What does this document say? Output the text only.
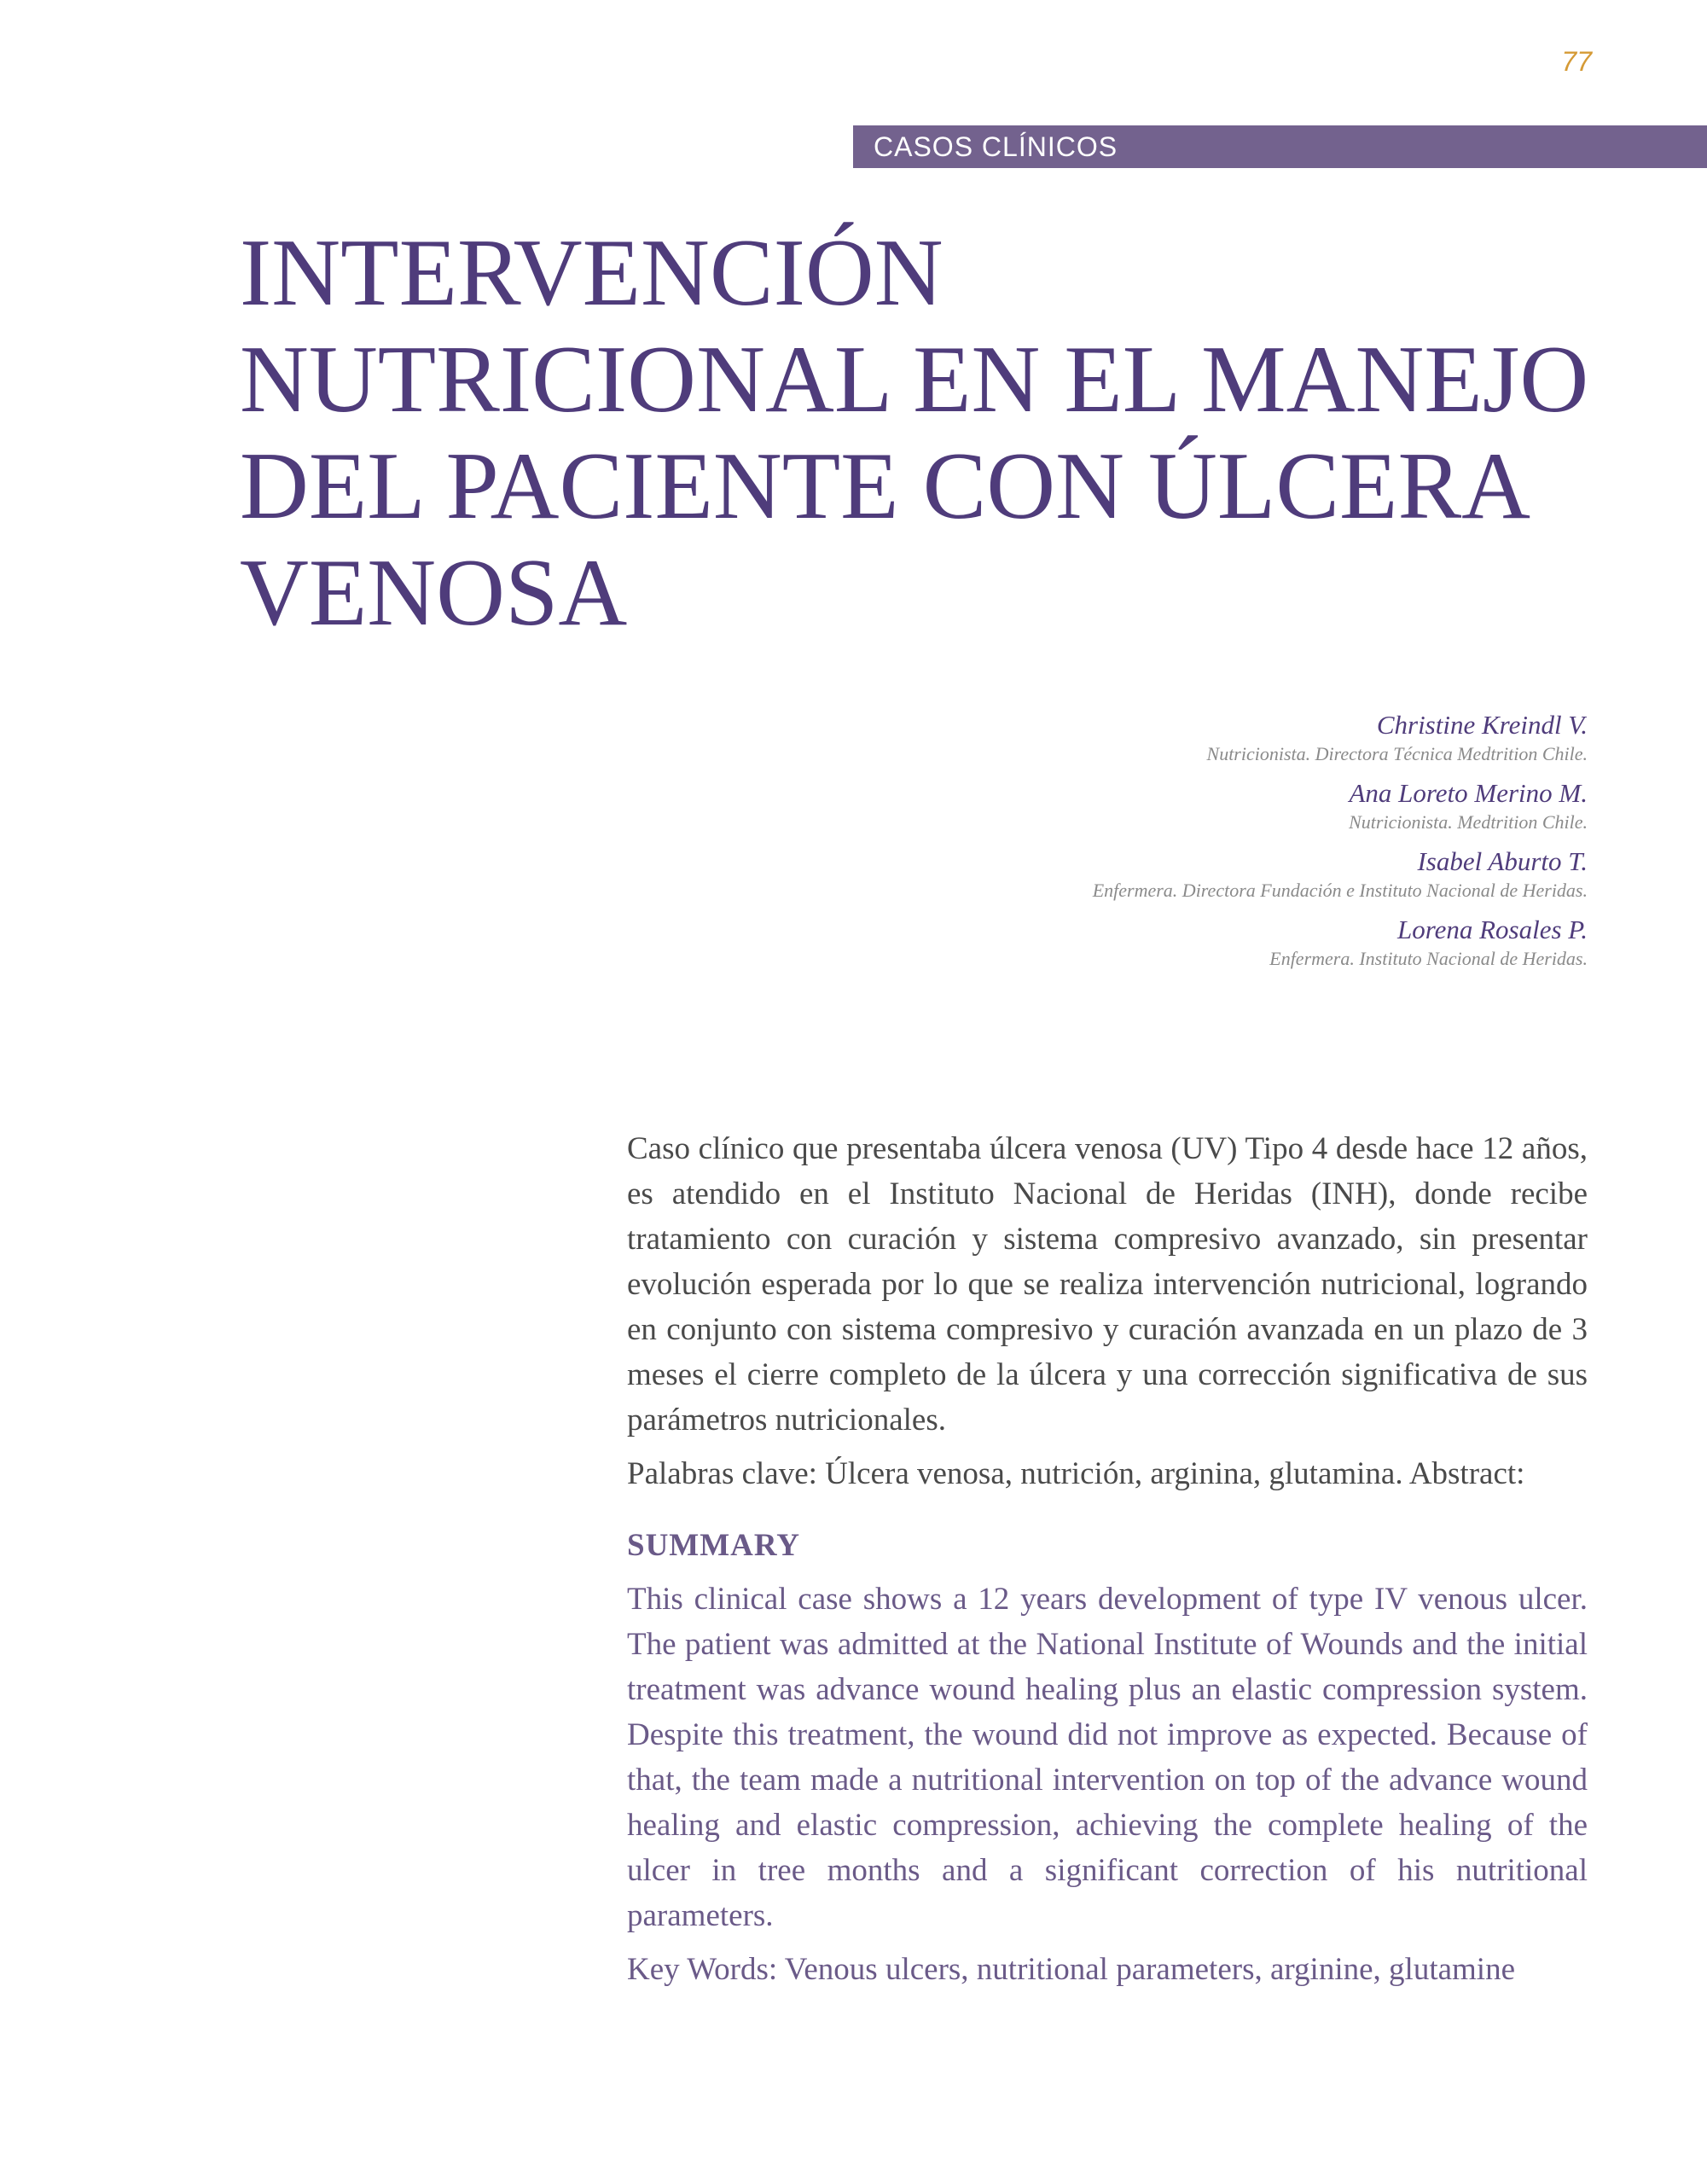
77
CASOS CLÍNICOS
INTERVENCIÓN
NUTRICIONAL EN EL MANEJO
DEL PACIENTE CON ÚLCERA
VENOSA
Christine Kreindl V.
Nutricionista. Directora Técnica Medtrition Chile.
Ana Loreto Merino M.
Nutricionista. Medtrition Chile.
Isabel Aburto T.
Enfermera. Directora Fundación e Instituto Nacional de Heridas.
Lorena Rosales P.
Enfermera. Instituto Nacional de Heridas.

Caso clínico que presentaba úlcera venosa (UV) Tipo 4 desde hace 12 años, es atendido en el Instituto Nacional de Heridas (INH), donde recibe tratamiento con curación y sistema compresivo avanzado, sin presentar evolución esperada por lo que se realiza intervención nutricional, logrando en conjunto con sistema compresivo y curación avanzada en un plazo de 3 meses el cierre completo de la úlcera y una corrección significativa de sus parámetros nutricionales.

Palabras clave: Úlcera venosa, nutrición, arginina, glutamina. Abstract:

SUMMARY

This clinical case shows a 12 years development of type IV venous ulcer. The patient was admitted at the National Institute of Wounds and the initial treatment was advance wound healing plus an elastic compression system. Despite this treatment, the wound did not improve as expected. Because of that, the team made a nutritional intervention on top of the advance wound healing and elastic compression, achieving the complete healing of the ulcer in tree months and a significant correction of his nutritional parameters.

Key Words: Venous ulcers, nutritional parameters, arginine, glutamine
